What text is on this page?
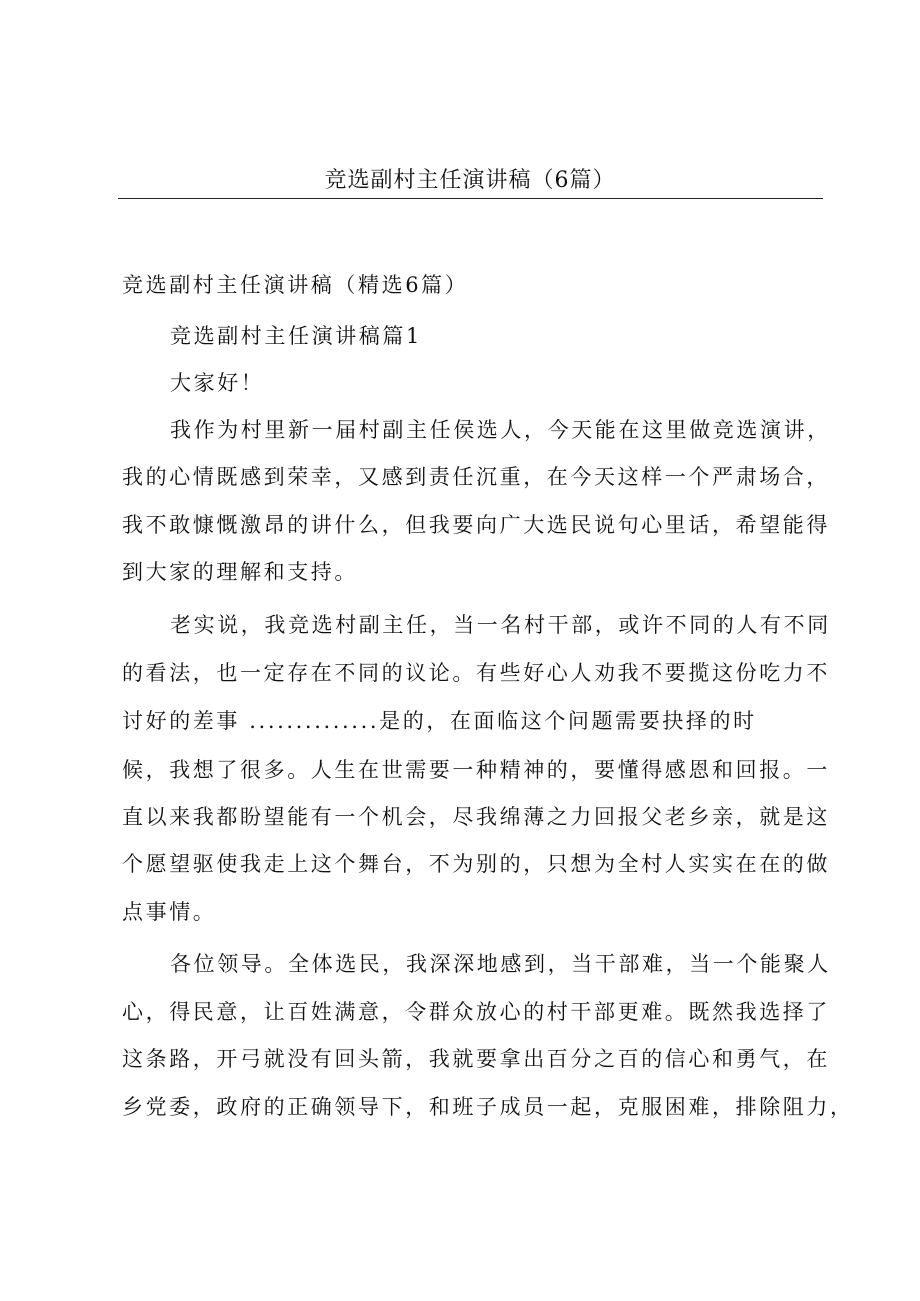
竞选副村主任演讲稿（6篇）
竞选副村主任演讲稿（精选6篇）
竞选副村主任演讲稿篇1
大家好！
我作为村里新一届村副主任侯选人，今天能在这里做竞选演讲，
我的心情既感到荣幸，又感到责任沉重，在今天这样一个严肃场合，
我不敢慷慨激昂的讲什么，但我要向广大选民说句心里话，希望能得
到大家的理解和支持。
老实说，我竞选村副主任，当一名村干部，或许不同的人有不同
的看法，也一定存在不同的议论。有些好心人劝我不要揽这份吃力不
讨好的差事 ..............是的，在面临这个问题需要抉择的时
候，我想了很多。人生在世需要一种精神的，要懂得感恩和回报。一
直以来我都盼望能有一个机会，尽我绵薄之力回报父老乡亲，就是这
个愿望驱使我走上这个舞台，不为别的，只想为全村人实实在在的做
点事情。
各位领导。全体选民，我深深地感到，当干部难，当一个能聚人
心，得民意，让百姓满意，令群众放心的村干部更难。既然我选择了
这条路，开弓就没有回头箭，我就要拿出百分之百的信心和勇气，在
乡党委，政府的正确领导下，和班子成员一起，克服困难，排除阻力，
